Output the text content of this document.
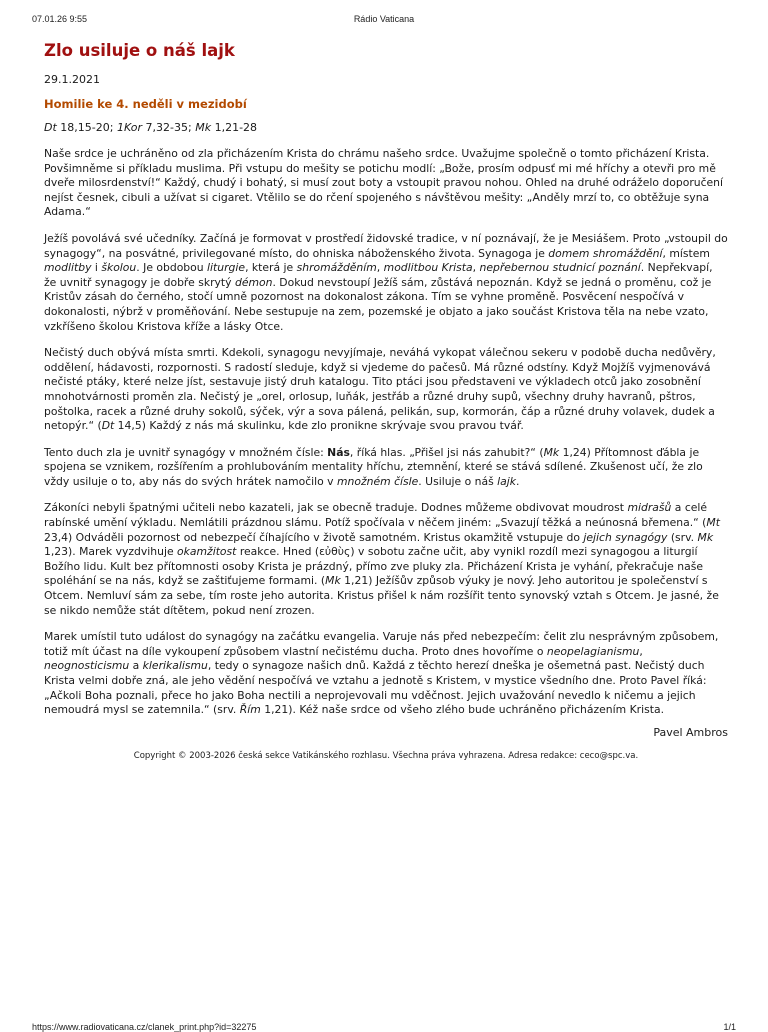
07.01.26 9:55	Rádio Vaticana
Zlo usiluje o náš lajk
29.1.2021
Homilie ke 4. neděli v mezidobí
Dt 18,15-20; 1Kor 7,32-35; Mk 1,21-28
Naše srdce je uchráněno od zla přicházením Krista do chrámu našeho srdce. Uvažujme společně o tomto přicházení Krista. Povšimněme si příkladu muslima. Při vstupu do mešity se potichu modlí: „Bože, prosím odpusť mi mé hříchy a otevři pro mě dveře milosrdenství!“ Každý, chudý i bohatý, si musí zout boty a vstoupit pravou nohou. Ohled na druhé odráželo doporučení nejíst česnek, cibuli a užívat si cigaret. Vtělilo se do rčení spojeného s návštěvou mešity: „Anděly mrzí to, co obtěžuje syna Adama.“
Ježíš povolává své učedníky. Začíná je formovat v prostředí židovské tradice, v ní poznávají, že je Mesiášem. Proto „vstoupil do synagogy“, na posvátné, privilegované místo, do ohniska náboženského života. Synagoga je domem shromáždění, místem modlitby i školou. Je obdobou liturgie, která je shromážděním, modlitbou Krista, nepřebernou studnicí poznání. Nepřekvapí, že uvnitř synagogy je dobře skrytý démon. Dokud nevstoupí Ježíš sám, zůstává nepoznán. Když se jedná o proměnu, což je Kristův zásah do černého, stočí umně pozornost na dokonalost zákona. Tím se vyhne proměně. Posvěcení nespočívá v dokonalosti, nýbrž v proměňování. Nebe sestupuje na zem, pozemské je objato a jako součást Kristova těla na nebe vzato, vzkříšeno školou Kristova kříže a lásky Otce.
Nečistý duch obývá místa smrti. Kdekoli, synagogu nevyjímaje, neváhá vykopat válečnou sekeru v podobě ducha nedůvěry, oddělení, hádavosti, rozpornosti. S radostí sleduje, když si vjedeme do pačesů. Má různé odstíny. Když Mojžíš vyjmenovává nečisté ptáky, které nelze jíst, sestavuje jistý druh katalogu. Tito ptáci jsou představeni ve výkladech otců jako zosobnění mnohotvárnosti proměn zla. Nečistý je „orel, orlosup, luňák, jestřáb a různé druhy supů, všechny druhy havranů, pštros, poštolka, racek a různé druhy sokolů, sýček, výr a sova pálená, pelikán, sup, kormorán, čáp a různé druhy volavek, dudek a netopýr.“ (Dt 14,5) Každý z nás má skulinku, kde zlo pronikne skrývaje svou pravou tvář.
Tento duch zla je uvnitř synagógy v množném čísle: Nás, říká hlas. „Přišel jsi nás zahubit?“ (Mk 1,24) Přítomnost ďábla je spojena se vznikem, rozšířením a prohlubováním mentality hříchu, ztemnění, které se stává sdílené. Zkušenost učí, že zlo vždy usiluje o to, aby nás do svých hrátek namočilo v množném čísle. Usiluje o náš lajk.
Zákoníci nebyli špatnými učiteli nebo kazateli, jak se obecně traduje. Dodnes můžeme obdivovat moudrost midrašů a celé rabínské umění výkladu. Nemlátili prázdnou slámu. Potíž spočívala v něčem jiném: „Svazují těžká a neúnosná břemena.“ (Mt 23,4) Odváděli pozornost od nebezpečí číhajícího v životě samotném. Kristus okamžitě vstupuje do jejich synagógy (srv. Mk 1,23). Marek vyzdvihuje okamžitost reakce. Hned (εὐθὺς) v sobotu začne učit, aby vynikl rozdíl mezi synagogou a liturgií Božího lidu. Kult bez přítomnosti osoby Krista je prázdný, přímo zve pluky zla. Přicházení Krista je vyhání, překračuje naše spoléhání se na nás, když se zaštiťujeme formami. (Mk 1,21) Ježíšův způsob výuky je nový. Jeho autoritou je společenství s Otcem. Nemluví sám za sebe, tím roste jeho autorita. Kristus přišel k nám rozšířit tento synovský vztah s Otcem. Je jasné, že se nikdo nemůže stát dítětem, pokud není zrozen.
Marek umístil tuto událost do synagógy na začátku evangelia. Varuje nás před nebezpečím: čelit zlu nesprávným způsobem, totiž mít účast na díle vykoupení způsobem vlastní nečistému ducha. Proto dnes hovoříme o neopelagianismu, neognosticismu a klerikalismu, tedy o synagoze našich dnů. Každá z těchto herezí dneška je ošemetná past. Nečistý duch Krista velmi dobře zná, ale jeho vědění nespočívá ve vztahu a jednotě s Kristem, v mystice všedního dne. Proto Pavel říká: „Ačkoli Boha poznali, přece ho jako Boha nectili a neprojevovali mu vděčnost. Jejich uvažování nevedlo k ničemu a jejich nemoudrá mysl se zatemnila.“ (srv. Řím 1,21). Kéž naše srdce od všeho zlého bude uchráněno přicházením Krista.
Pavel Ambros
Copyright © 2003-2026 česká sekce Vatikánského rozhlasu. Všechna práva vyhrazena. Adresa redakce: ceco@spc.va.
https://www.radiovaticana.cz/clanek_print.php?id=32275	1/1
